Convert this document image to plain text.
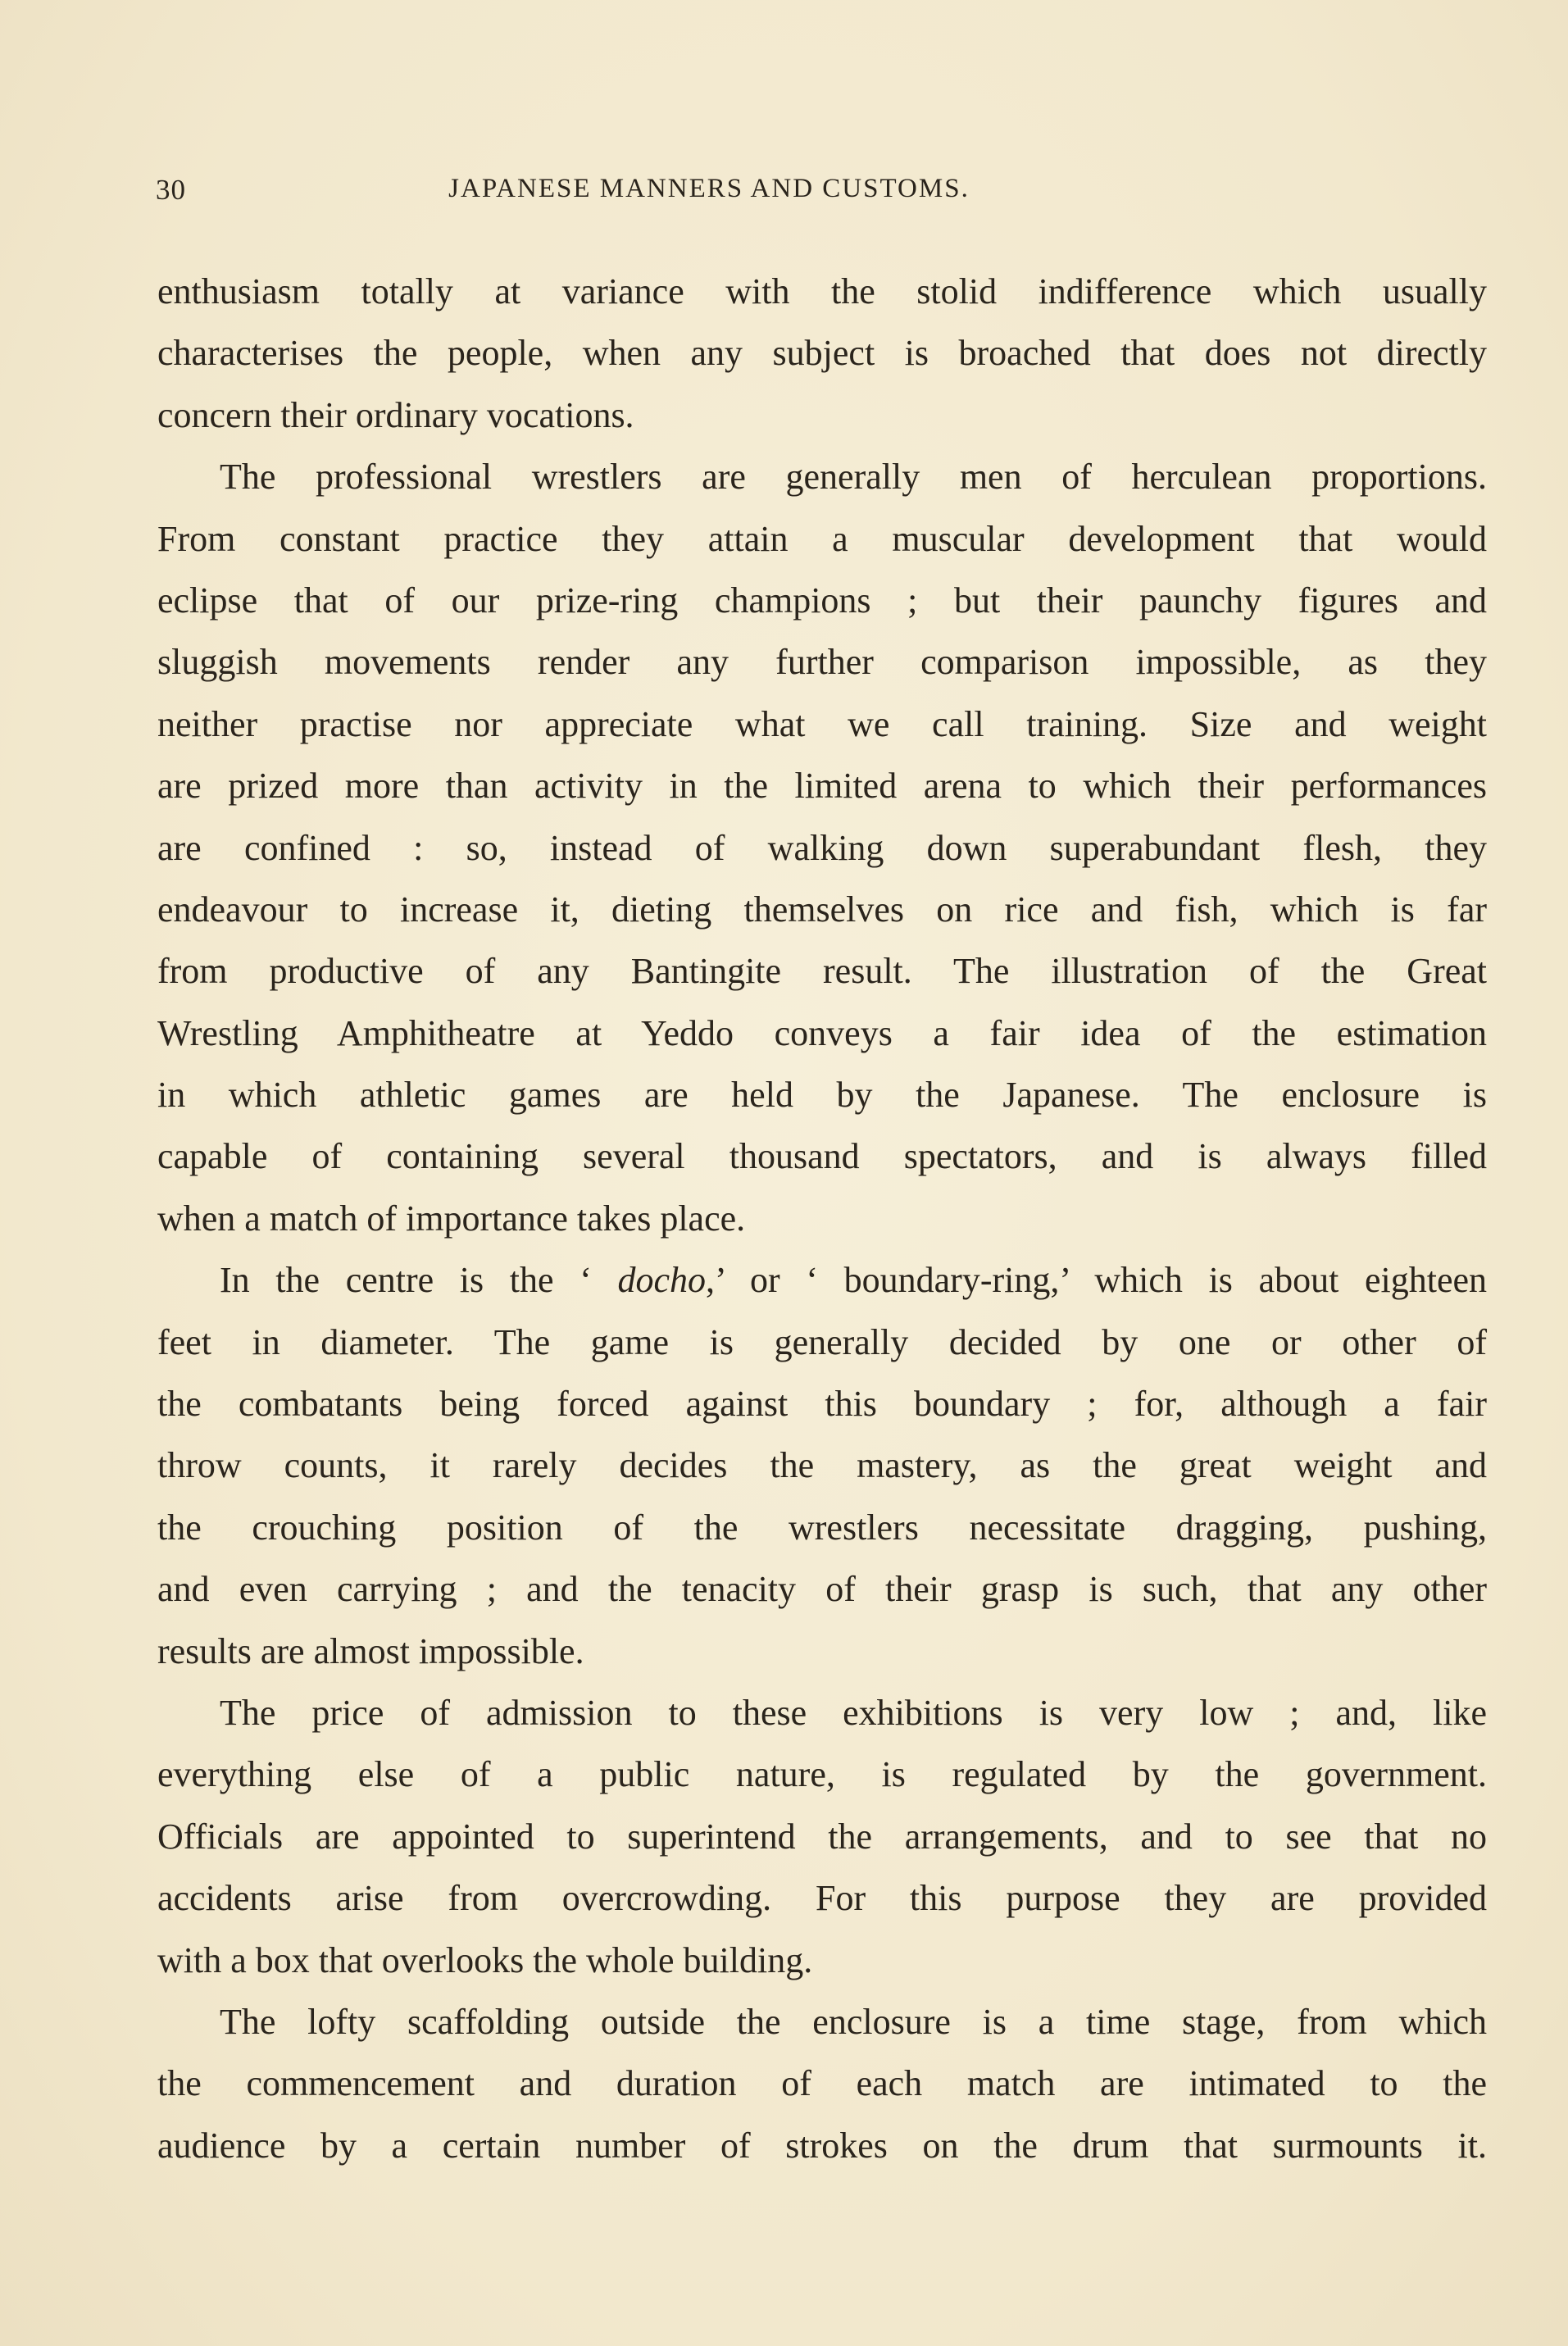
30	JAPANESE MANNERS AND CUSTOMS.
enthusiasm totally at variance with the stolid indifference which usually
characterises the people, when any subject is broached that does not directly
concern their ordinary vocations.
The professional wrestlers are generally men of herculean proportions.
From constant practice they attain a muscular development that would
eclipse that of our prize-ring champions ; but their paunchy figures and
sluggish movements render any further comparison impossible, as they
neither practise nor appreciate what we call training. Size and weight
are prized more than activity in the limited arena to which their performances
are confined : so, instead of walking down superabundant flesh, they
endeavour to increase it, dieting themselves on rice and fish, which is far
from productive of any Bantingite result. The illustration of the Great
Wrestling Amphitheatre at Yeddo conveys a fair idea of the estimation
in which athletic games are held by the Japanese. The enclosure is
capable of containing several thousand spectators, and is always filled
when a match of importance takes place.
In the centre is the ‘ docho,’ or ‘ boundary-ring,’ which is about eighteen
feet in diameter. The game is generally decided by one or other of
the combatants being forced against this boundary ; for, although a fair
throw counts, it rarely decides the mastery, as the great weight and
the crouching position of the wrestlers necessitate dragging, pushing,
and even carrying ; and the tenacity of their grasp is such, that any other
results are almost impossible.
The price of admission to these exhibitions is very low ; and, like
everything else of a public nature, is regulated by the government.
Officials are appointed to superintend the arrangements, and to see that no
accidents arise from overcrowding. For this purpose they are provided
with a box that overlooks the whole building.
The lofty scaffolding outside the enclosure is a time stage, from which
the commencement and duration of each match are intimated to the
audience by a certain number of strokes on the drum that surmounts it.
